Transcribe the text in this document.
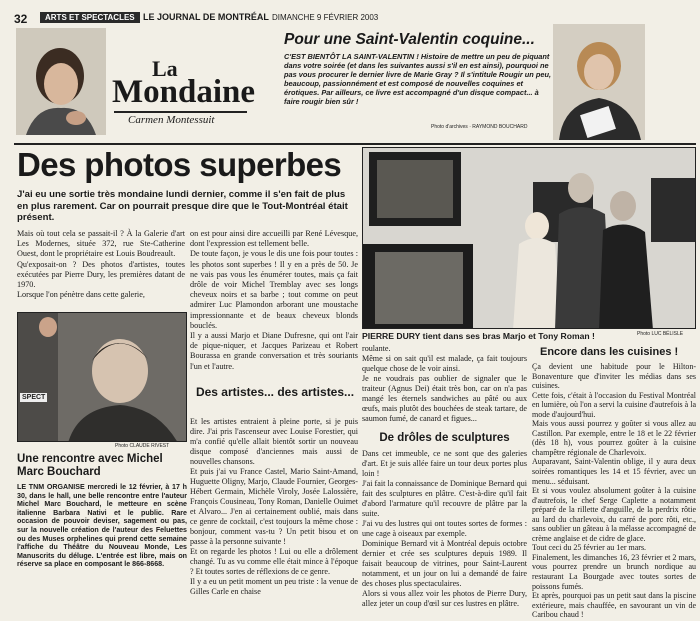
32	ARTS ET SPECTACLES LE JOURNAL DE MONTRÉAL DIMANCHE 9 FÉVRIER 2003
La
Mondaine
Carmen Montessuit
Pour une Saint-Valentin coquine...

C'EST BIENTÔT LA SAINT-VALENTIN ! Histoire de mettre un peu de piquant dans votre soirée (et dans les suivantes aussi s'il en est ainsi), pourquoi ne pas vous procurer le dernier livre de Marie Gray ? Il s'intitule Rougir un peu, beaucoup, passionnément et est composé de nouvelles coquines et érotiques. Par ailleurs, ce livre est accompagné d'un disque compact... à faire rougir bien sûr !

Photo d'archives · RAYMOND BOUCHARD
Des photos superbes

J'ai eu une sortie très mondaine lundi dernier, comme il s'en fait de plus en plus rarement. Car on pourrait presque dire que le Tout-Montréal était présent.

Mais où tout cela se passait-il ? À la Galerie d'art Les Modernes, située 372, rue Ste-Catherine Ouest, dont le propriétaire est Louis Boudreault.
Qu'exposait-on ? Des photos d'artistes, toutes exécutées par Pierre Dury, les premières datant de 1970.
Lorsque l'on pénètre dans cette galerie,

on est pour ainsi dire accueilli par René Lévesque, dont l'expression est tellement belle.
De toute façon, je vous le dis une fois pour toutes : les photos sont superbes ! Il y en a près de 50. Je ne vais pas vous les énumérer toutes, mais ça fait drôle de voir Michel Tremblay avec ses longs cheveux noirs et sa barbe ; tout comme on peut admirer Luc Plamondon arborant une moustache impressionnante et de beaux cheveux blonds bouclés.
Il y a aussi Marjo et Diane Dufresne, qui ont l'air de pique-niquer, et Jacques Parizeau et Robert Bourassa en grande conversation et très souriants l'un et l'autre.

SPECT
Photo CLAUDE RIVEST
Une rencontre avec Michel Marc Bouchard

LE TNM ORGANISE mercredi le 12 février, à 17 h 30, dans le hall, une belle rencontre entre l'auteur Michel Marc Bouchard, le metteure en scène italienne Barbara Nativi et le public. Rare occasion de pouvoir deviser, sagement ou pas, sur la nouvelle création de l'auteur des Feluettes ou des Muses orphelines qui prend cette semaine l'affiche du Théâtre du Nouveau Monde, Les Manuscrits du déluge. L'entrée est libre, mais on réserve sa place en composant le 866-8668.

Des artistes... des artistes...

Et les artistes entraient à pleine porte, si je puis dire. J'ai pris l'ascenseur avec Louise Forestier, qui m'a confié qu'elle allait bientôt sortir un nouveau disque composé d'anciennes mais aussi de nouvelles chansons.
Et puis j'ai vu France Castel, Mario Saint-Amand, Huguette Oligny, Marjo, Claude Fournier, Georges-Hébert Germain, Michèle Viroly, Josée Lalossière, François Cousineau, Tony Roman, Danielle Ouimet et Alvaro... J'en ai certainement oublié, mais dans ce genre de cocktail, c'est toujours la même chose : bonjour, comment vas-tu ? Un petit bisou et on passe à la personne suivante !
Et on regarde les photos ! Lui ou elle a drôlement changé. Tu as vu comme elle était mince à l'époque ? Et toutes sortes de réflexions de ce genre.
Il y a eu un petit moment un peu triste : la venue de Gilles Carle en chaise

Photo LUC BÉLISLE
PIERRE DURY tient dans ses bras Marjo et Tony Roman !

roulante.
Même si on sait qu'il est malade, ça fait toujours quelque chose de le voir ainsi.
Je ne voudrais pas oublier de signaler que le traiteur (Agnus Dei) était très bon, car on n'a pas mangé les éternels sandwiches au pâté ou aux œufs, mais plutôt des bouchées de steak tartare, de saumon fumé, de canard et figues...

De drôles de sculptures

Dans cet immeuble, ce ne sont que des galeries d'art. Et je suis allée faire un tour deux portes plus loin !
J'ai fait la connaissance de Dominique Bernard qui fait des sculptures en plâtre. C'est-à-dire qu'il fait d'abord l'armature qu'il recouvre de plâtre par la suite.
J'ai vu des lustres qui ont toutes sortes de formes : une cage à oiseaux par exemple.
Dominique Bernard vit à Montréal depuis octobre dernier et crée ses sculptures depuis 1989. Il faisait beaucoup de vitrines, pour Saint-Laurent notamment, et un jour on lui a demandé de faire des choses plus spectaculaires.
Alors si vous allez voir les photos de Pierre Dury, allez jeter un coup d'œil sur ces lustres en plâtre.

Encore dans les cuisines !

Ça devient une habitude pour le Hilton-Bonaventure que d'inviter les médias dans ses cuisines.
Cette fois, c'était à l'occasion du Festival Montréal en lumière, où l'on a servi la cuisine d'autrefois à la mode d'aujourd'hui.
Mais vous aussi pourrez y goûter si vous allez au Castillon. Par exemple, entre le 18 et le 22 février (dès 18 h), vous pourrez goûter à la cuisine champêtre régionale de Charlevoix.
Auparavant, Saint-Valentin oblige, il y aura deux soirées romantiques les 14 et 15 février, avec un menu... séduisant.
Et si vous voulez absolument goûter à la cuisine d'autrefois, le chef Serge Caplette a notamment préparé de la rillette d'anguille, de la perdrix rôtie au lard du charlevoix, du carré de porc rôti, etc., sans oublier un gâteau à la mélasse accompagné de crème anglaise et de cidre de glace.
Tout ceci du 25 février au 1er mars.
Finalement, les dimanches 16, 23 février et 2 mars, vous pourrez prendre un brunch nordique au restaurant La Bourgade avec toutes sortes de poissons fumés.
Et après, pourquoi pas un petit saut dans la piscine extérieure, mais chauffée, en savourant un vin de Caribou chaud !
